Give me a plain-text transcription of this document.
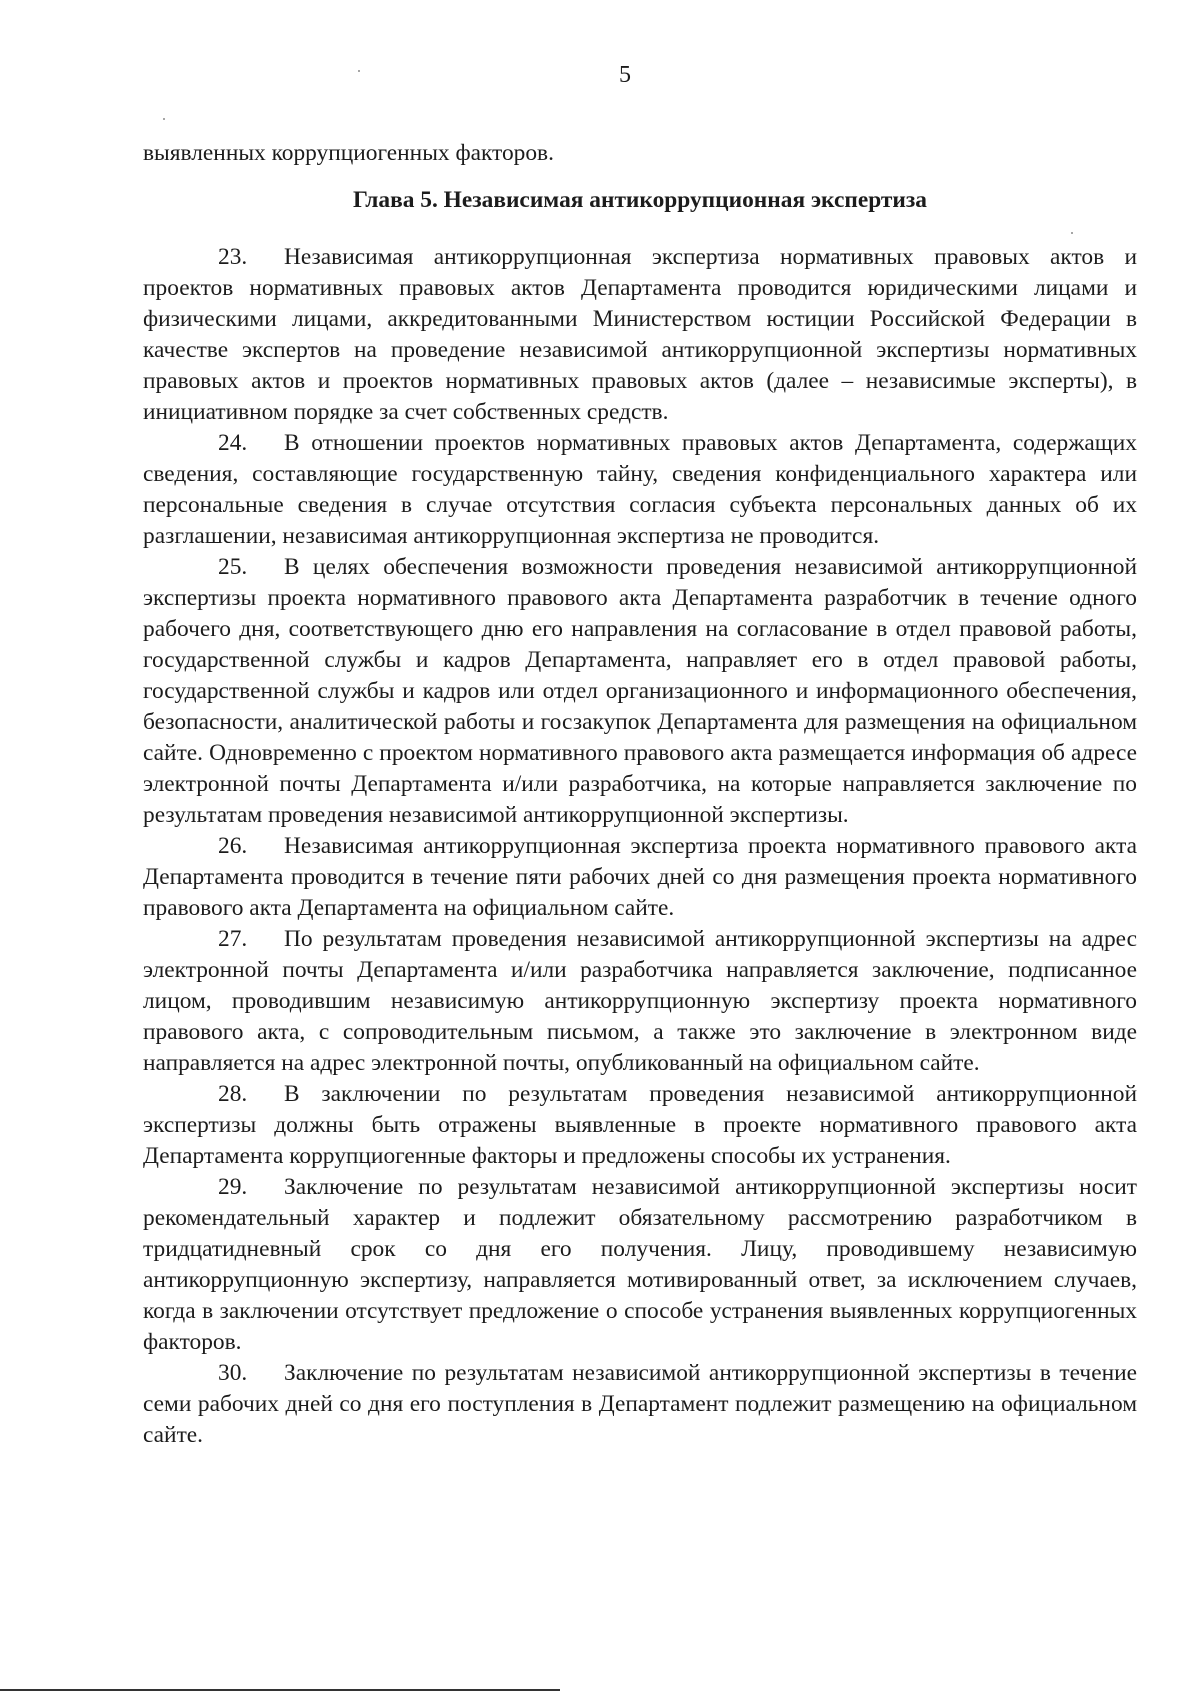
5

выявленных коррупциогенных факторов.

Глава 5. Независимая антикоррупционная экспертиза

23. Независимая антикоррупционная экспертиза нормативных правовых актов и проектов нормативных правовых актов Департамента проводится юридическими лицами и физическими лицами, аккредитованными Министерством юстиции Российской Федерации в качестве экспертов на проведение независимой антикоррупционной экспертизы нормативных правовых актов и проектов нормативных правовых актов (далее – независимые эксперты), в инициативном порядке за счет собственных средств.

24. В отношении проектов нормативных правовых актов Департамента, содержащих сведения, составляющие государственную тайну, сведения конфиденциального характера или персональные сведения в случае отсутствия согласия субъекта персональных данных об их разглашении, независимая антикоррупционная экспертиза не проводится.

25. В целях обеспечения возможности проведения независимой антикоррупционной экспертизы проекта нормативного правового акта Департамента разработчик в течение одного рабочего дня, соответствующего дню его направления на согласование в отдел правовой работы, государственной службы и кадров Департамента, направляет его в отдел правовой работы, государственной службы и кадров или отдел организационного и информационного обеспечения, безопасности, аналитической работы и госзакупок Департамента для размещения на официальном сайте. Одновременно с проектом нормативного правового акта размещается информация об адресе электронной почты Департамента и/или разработчика, на которые направляется заключение по результатам проведения независимой антикоррупционной экспертизы.

26. Независимая антикоррупционная экспертиза проекта нормативного правового акта Департамента проводится в течение пяти рабочих дней со дня размещения проекта нормативного правового акта Департамента на официальном сайте.

27. По результатам проведения независимой антикоррупционной экспертизы на адрес электронной почты Департамента и/или разработчика направляется заключение, подписанное лицом, проводившим независимую антикоррупционную экспертизу проекта нормативного правового акта, с сопроводительным письмом, а также это заключение в электронном виде направляется на адрес электронной почты, опубликованный на официальном сайте.

28. В заключении по результатам проведения независимой антикоррупционной экспертизы должны быть отражены выявленные в проекте нормативного правового акта Департамента коррупциогенные факторы и предложены способы их устранения.

29. Заключение по результатам независимой антикоррупционной экспертизы носит рекомендательный характер и подлежит обязательному рассмотрению разработчиком в тридцатидневный срок со дня его получения. Лицу, проводившему независимую антикоррупционную экспертизу, направляется мотивированный ответ, за исключением случаев, когда в заключении отсутствует предложение о способе устранения выявленных коррупциогенных факторов.

30. Заключение по результатам независимой антикоррупционной экспертизы в течение семи рабочих дней со дня его поступления в Департамент подлежит размещению на официальном сайте.
